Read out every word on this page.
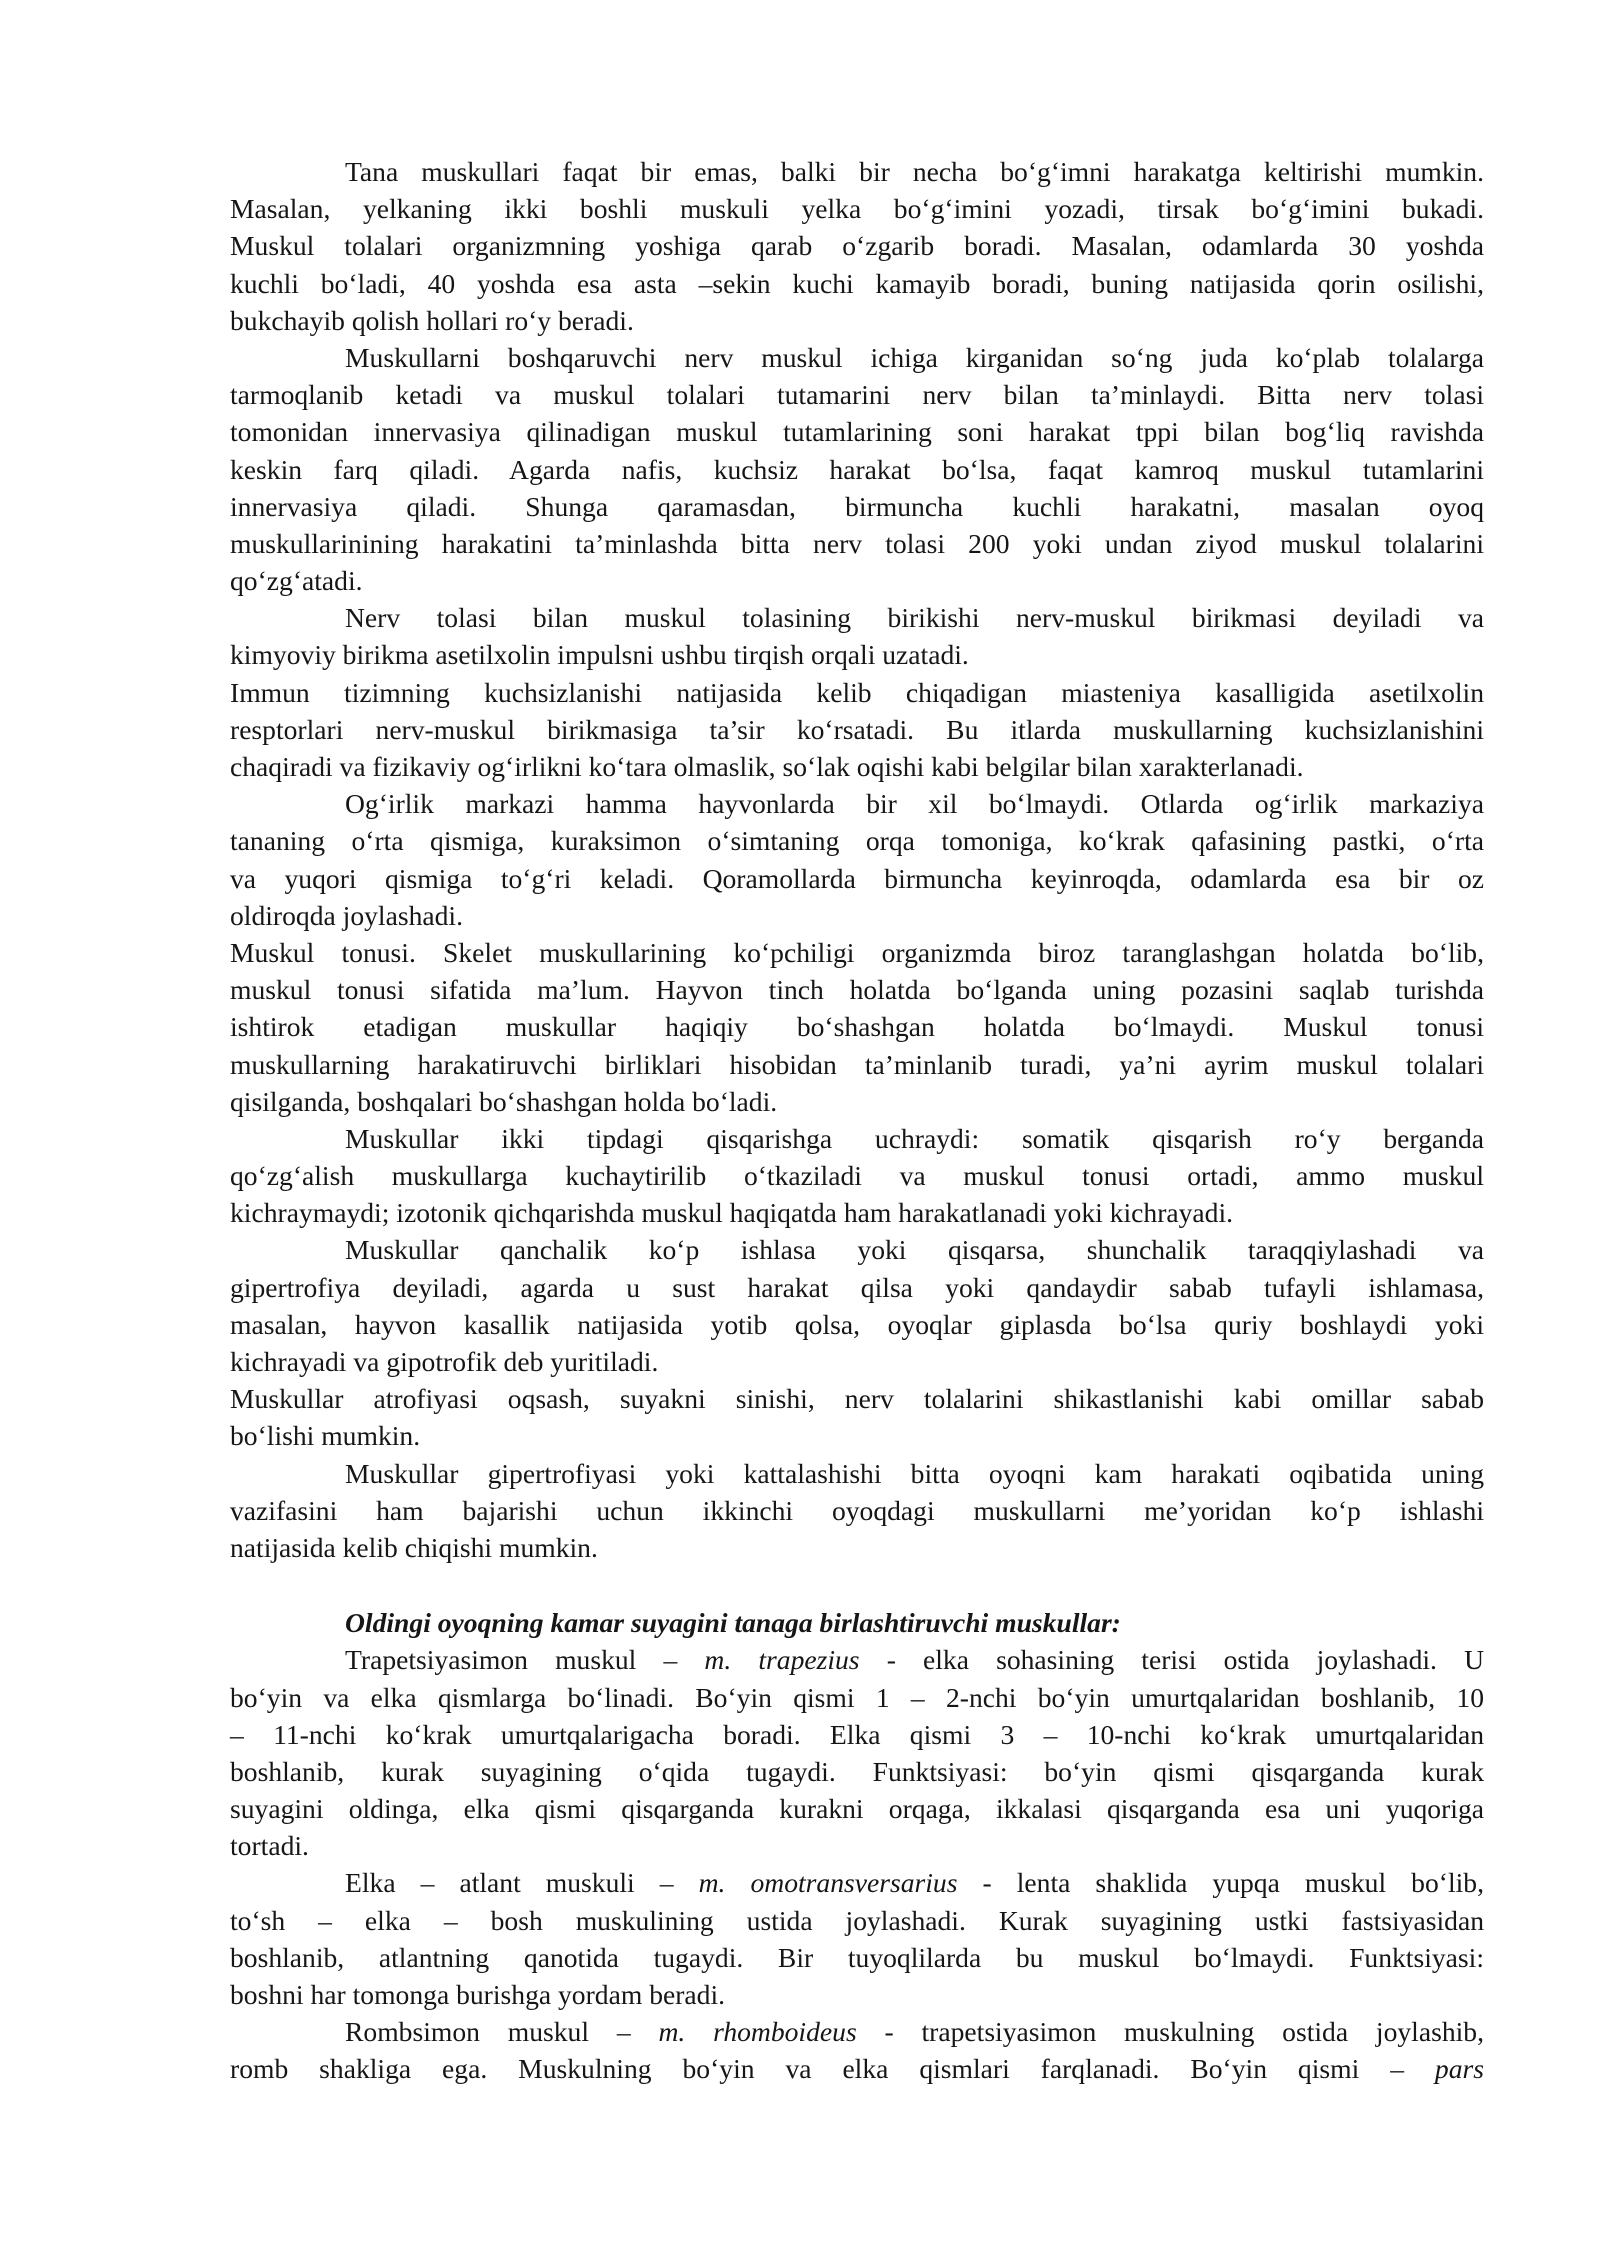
Tana muskullari faqat bir emas, balki bir necha bo‘g‘imni harakatga keltirishi mumkin.
Masalan, yelkaning ikki boshli muskuli yelka bo‘g‘imini yozadi, tirsak bo‘g‘imini bukadi.
Muskul tolalari organizmning yoshiga qarab o‘zgarib boradi. Masalan, odamlarda 30 yoshda
kuchli bo‘ladi, 40 yoshda esa asta –sekin kuchi kamayib boradi, buning natijasida qorin osilishi,
bukchayib qolish hollari ro‘y beradi.
Muskullarni boshqaruvchi nerv muskul ichiga kirganidan so‘ng juda ko‘plab tolalarga
tarmoqlanib ketadi va muskul tolalari tutamarini nerv bilan ta’minlaydi. Bitta nerv tolasi
tomonidan innervasiya qilinadigan muskul tutamlarining soni harakat tppi bilan bog‘liq ravishda
keskin farq qiladi. Agarda nafis, kuchsiz harakat bo‘lsa, faqat kamroq muskul tutamlarini
innervasiya qiladi. Shunga qaramasdan, birmuncha kuchli harakatni, masalan oyoq
muskullarinining harakatini ta’minlashda bitta nerv tolasi 200 yoki undan ziyod muskul tolalarini
qo‘zg‘atadi.
Nerv tolasi bilan muskul tolasining birikishi nerv-muskul birikmasi deyiladi va
kimyoviy birikma asetilxolin impulsni ushbu tirqish orqali uzatadi.
Immun tizimning kuchsizlanishi natijasida kelib chiqadigan miasteniya kasalligida asetilxolin
resptorlari nerv-muskul birikmasiga ta’sir ko‘rsatadi. Bu itlarda muskullarning kuchsizlanishini
chaqiradi va fizikaviy og‘irlikni ko‘tara olmaslik, so‘lak oqishi kabi belgilar bilan xarakterlanadi.
Og‘irlik markazi hamma hayvonlarda bir xil bo‘lmaydi. Otlarda og‘irlik markaziya
tananing o‘rta qismiga, kuraksimon o‘simtaning orqa tomoniga, ko‘krak qafasining pastki, o‘rta
va yuqori qismiga to‘g‘ri keladi. Qoramollarda birmuncha keyinroqda, odamlarda esa bir oz
oldiroqda joylashadi.
Muskul tonusi. Skelet muskullarining ko‘pchiligi organizmda biroz taranglashgan holatda bo‘lib,
muskul tonusi sifatida ma’lum. Hayvon tinch holatda bo‘lganda uning pozasini saqlab turishda
ishtirok etadigan muskullar haqiqiy bo‘shashgan holatda bo‘lmaydi. Muskul tonusi
muskullarning harakatiruvchi birliklari hisobidan ta’minlanib turadi, ya’ni ayrim muskul tolalari
qisilganda, boshqalari bo‘shashgan holda bo‘ladi.
Muskullar ikki tipdagi qisqarishga uchraydi: somatik qisqarish ro‘y berganda
qo‘zg‘alish muskullarga kuchaytirilib o‘tkaziladi va muskul tonusi ortadi, ammo muskul
kichraymaydi; izotonik qichqarishda muskul haqiqatda ham harakatlanadi yoki kichrayadi.
Muskullar qanchalik ko‘p ishlasa yoki qisqarsa, shunchalik taraqqiylashadi va
gipertrofiya deyiladi, agarda u sust harakat qilsa yoki qandaydir sabab tufayli ishlamasa,
masalan, hayvon kasallik natijasida yotib qolsa, oyoqlar giplasda bo‘lsa quriy boshlaydi yoki
kichrayadi va gipotrofik deb yuritiladi.
Muskullar atrofiyasi oqsash, suyakni sinishi, nerv tolalarini shikastlanishi kabi omillar sabab
bo‘lishi mumkin.
Muskullar gipertrofiyasi yoki kattalashishi bitta oyoqni kam harakati oqibatida uning
vazifasini ham bajarishi uchun ikkinchi oyoqdagi muskullarni me’yoridan ko‘p ishlashi
natijasida kelib chiqishi mumkin.
Oldingi oyoqning kamar suyagini tanaga birlashtiruvchi muskullar:
Trapetsiyasimon muskul – m. trapezius - elka sohasining terisi ostida joylashadi. U
bo‘yin va elka qismlarga bo‘linadi. Bo‘yin qismi 1 – 2-nchi bo‘yin umurtqalaridan boshlanib, 10
– 11-nchi ko‘krak umurtqalarigacha boradi. Elka qismi 3 – 10-nchi ko‘krak umurtqalaridan
boshlanib, kurak suyagining o‘qida tugaydi. Funktsiyasi: bo‘yin qismi qisqarganda kurak
suyagini oldinga, elka qismi qisqarganda kurakni orqaga, ikkalasi qisqarganda esa uni yuqoriga
tortadi.
Elka – atlant muskuli – m. omotransversarius - lenta shaklida yupqa muskul bo‘lib,
to‘sh – elka – bosh muskulining ustida joylashadi. Kurak suyagining ustki fastsiyasidan
boshlanib, atlantning qanotida tugaydi. Bir tuyoqlilarda bu muskul bo‘lmaydi. Funktsiyasi:
boshni har tomonga burishga yordam beradi.
Rombsimon muskul – m. rhomboideus - trapetsiyasimon muskulning ostida joylashib,
romb shakliga ega. Muskulning bo‘yin va elka qismlari farqlanadi. Bo‘yin qismi – pars
